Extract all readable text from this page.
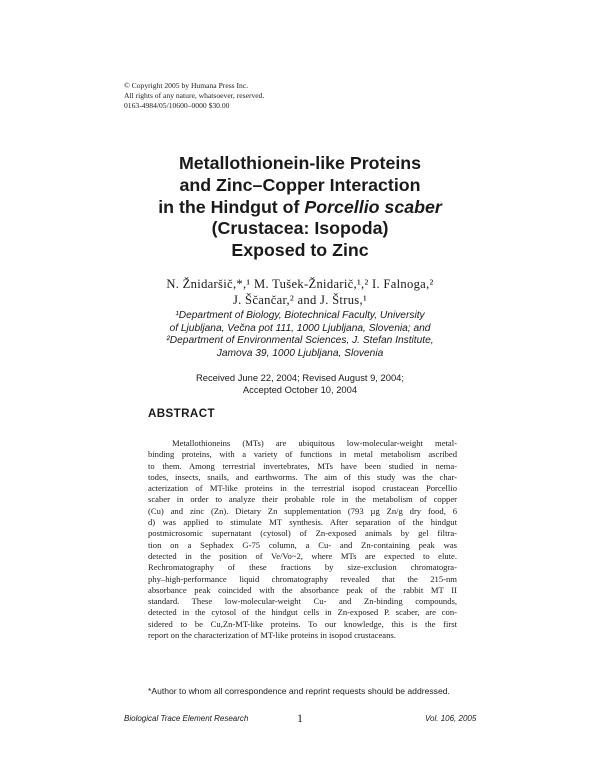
© Copyright 2005 by Humana Press Inc.
All rights of any nature, whatsoever, reserved.
0163-4984/05/10600–0000 $30.00
Metallothionein-like Proteins
and Zinc–Copper Interaction
in the Hindgut of Porcellio scaber
(Crustacea: Isopoda)
Exposed to Zinc
N. Žnidaršič,*,¹ M. Tušek-Žnidarič,¹,² I. Falnoga,²
J. Ščančar,² and J. Štrus,¹
¹Department of Biology, Biotechnical Faculty, University
of Ljubljana, Večna pot 111, 1000 Ljubljana, Slovenia; and
²Department of Environmental Sciences, J. Stefan Institute,
Jamova 39, 1000 Ljubljana, Slovenia
Received June 22, 2004; Revised August 9, 2004;
Accepted October 10, 2004
ABSTRACT
Metallothioneins (MTs) are ubiquitous low-molecular-weight metal-
binding proteins, with a variety of functions in metal metabolism ascribed
to them. Among terrestrial invertebrates, MTs have been studied in nema-
todes, insects, snails, and earthworms. The aim of this study was the char-
acterization of MT-like proteins in the terrestrial isopod crustacean Porcellio
scaber in order to analyze their probable role in the metabolism of copper
(Cu) and zinc (Zn). Dietary Zn supplementation (793 µg Zn/g dry food, 6
d) was applied to stimulate MT synthesis. After separation of the hindgut
postmicrosomic supernatant (cytosol) of Zn-exposed animals by gel filtra-
tion on a Sephadex G-75 column, a Cu- and Zn-containing peak was
detected in the position of Ve/Vo~2, where MTs are expected to elute.
Rechromatography of these fractions by size-exclusion chromatogra-
phy–high-performance liquid chromatography revealed that the 215-nm
absorbance peak coincided with the absorbance peak of the rabbit MT II
standard. These low-molecular-weight Cu- and Zn-binding compounds,
detected in the cytosol of the hindgut cells in Zn-exposed P. scaber, are con-
sidered to be Cu,Zn-MT-like proteins. To our knowledge, this is the first
report on the characterization of MT-like proteins in isopod crustaceans.
*Author to whom all correspondence and reprint requests should be addressed.
Biological Trace Element Research	1	Vol. 106, 2005
